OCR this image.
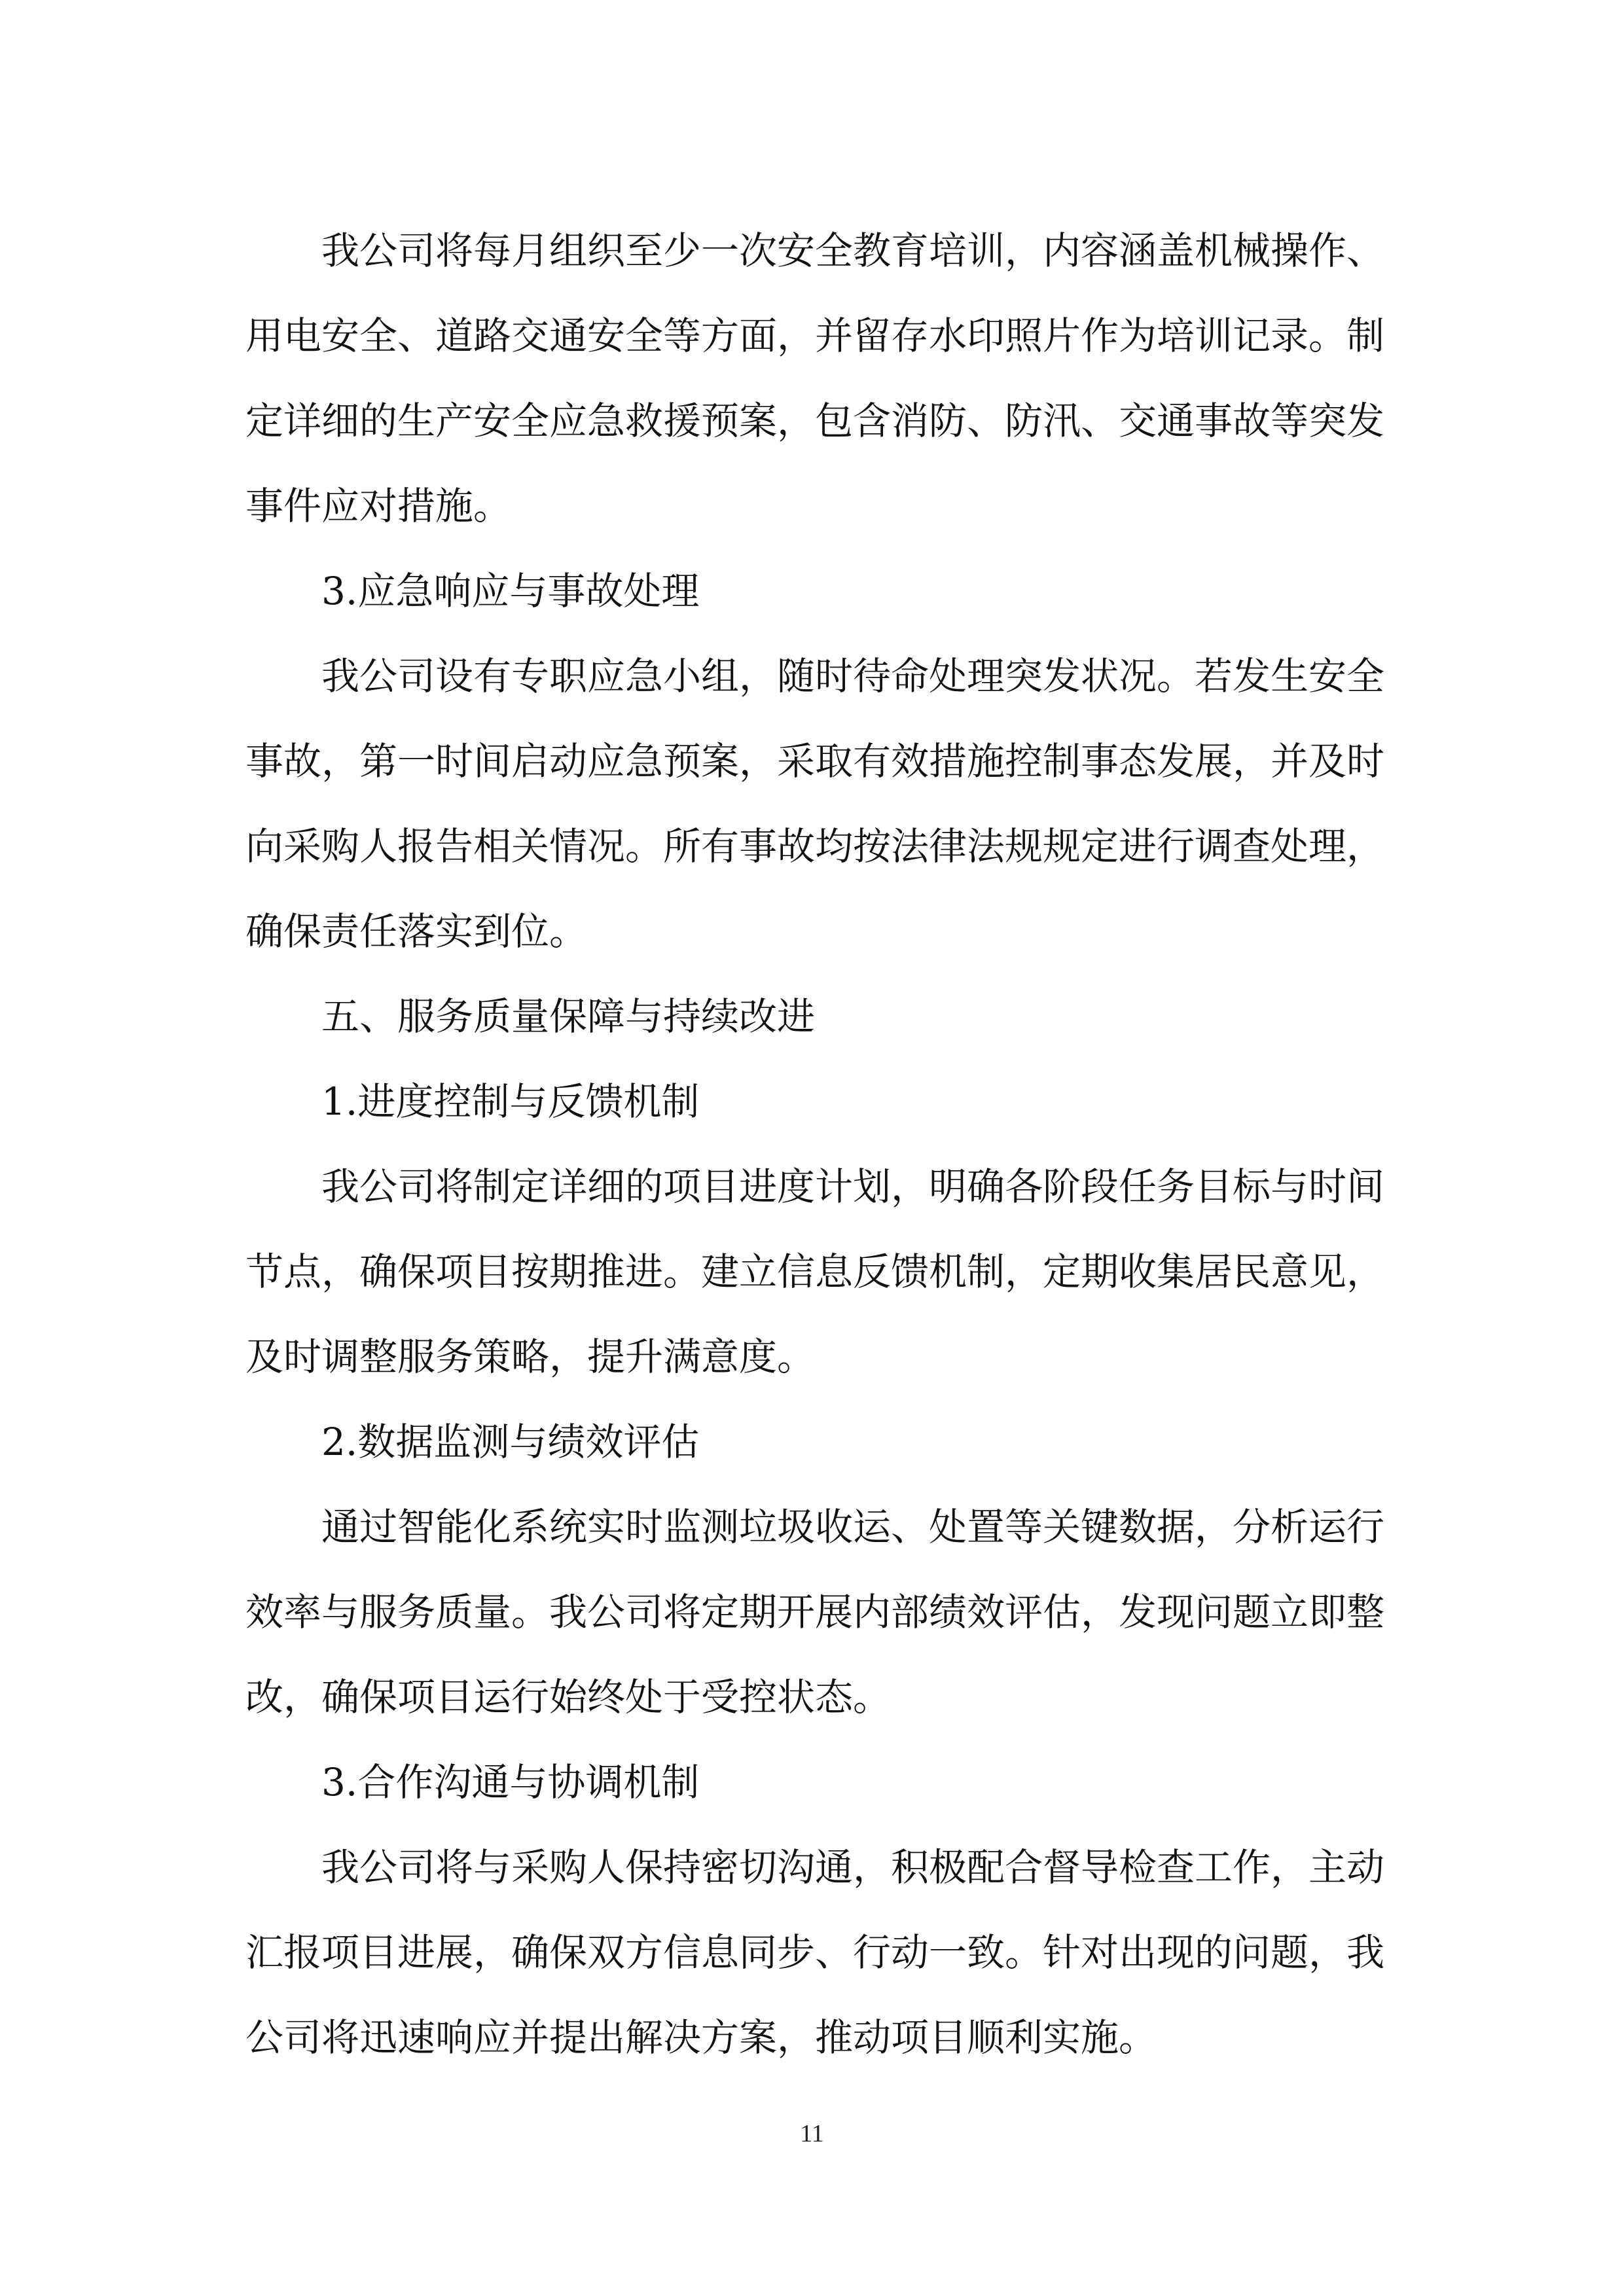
我公司将每月组织至少一次安全教育培训，内容涵盖机械操作、用电安全、道路交通安全等方面，并留存水印照片作为培训记录。制定详细的生产安全应急救援预案，包含消防、防汛、交通事故等突发事件应对措施。

3.应急响应与事故处理

我公司设有专职应急小组，随时待命处理突发状况。若发生安全事故，第一时间启动应急预案，采取有效措施控制事态发展，并及时向采购人报告相关情况。所有事故均按法律法规规定进行调查处理，确保责任落实到位。

五、服务质量保障与持续改进

1.进度控制与反馈机制

我公司将制定详细的项目进度计划，明确各阶段任务目标与时间节点，确保项目按期推进。建立信息反馈机制，定期收集居民意见，及时调整服务策略，提升满意度。

2.数据监测与绩效评估

通过智能化系统实时监测垃圾收运、处置等关键数据，分析运行效率与服务质量。我公司将定期开展内部绩效评估，发现问题立即整改，确保项目运行始终处于受控状态。

3.合作沟通与协调机制

我公司将与采购人保持密切沟通，积极配合督导检查工作，主动汇报项目进展，确保双方信息同步、行动一致。针对出现的问题，我公司将迅速响应并提出解决方案，推动项目顺利实施。

11
